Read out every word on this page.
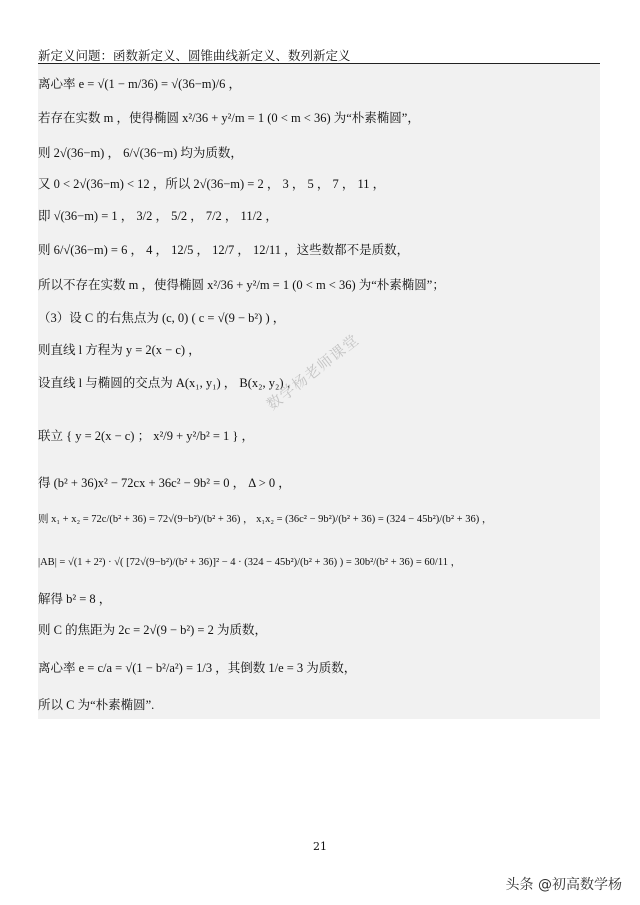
新定义问题：函数新定义、圆锥曲线新定义、数列新定义
离心率 e = √(1 − m/36) = √(36−m)/6 ，
若存在实数 m ，使得椭圆 x²/36 + y²/m = 1 (0 < m < 36) 为“朴素椭圆”，
则 2√(36−m) ， 6/√(36−m) 均为质数，
又 0 < 2√(36−m) < 12 ，所以 2√(36−m) = 2 ， 3 ， 5 ， 7 ， 11 ，
即 √(36−m) = 1 ， 3/2 ， 5/2 ， 7/2 ， 11/2 ，
则 6/√(36−m) = 6 ， 4 ， 12/5 ， 12/7 ， 12/11 ，这些数都不是质数，
所以不存在实数 m ，使得椭圆 x²/36 + y²/m = 1 (0 < m < 36) 为“朴素椭圆”；
（3）设 C 的右焦点为 (c, 0) ( c = √(9 − b²) ) ，
则直线 l 方程为 y = 2(x − c) ，
设直线 l 与椭圆的交点为 A(x₁, y₁) ， B(x₂, y₂) ，
联立 { y = 2(x − c) ； x²/9 + y²/b² = 1 } ，
得 (b² + 36)x² − 72cx + 36c² − 9b² = 0 ， Δ > 0 ，
则 x₁ + x₂ = 72c/(b² + 36) = 72√(9−b²)/(b² + 36) ， x₁x₂ = (36c² − 9b²)/(b² + 36) = (324 − 45b²)/(b² + 36) ，
|AB| = √(1 + 2²) · √( [72√(9−b²)/(b² + 36)]² − 4 · (324 − 45b²)/(b² + 36) ) = 30b²/(b² + 36) = 60/11 ，
解得 b² = 8 ，
则 C 的焦距为 2c = 2√(9 − b²) = 2 为质数，
离心率 e = c/a = √(1 − b²/a²) = 1/3 ，其倒数 1/e = 3 为质数，
所以 C 为“朴素椭圆”.
数学杨老师课堂
21
头条 @初高数学杨
